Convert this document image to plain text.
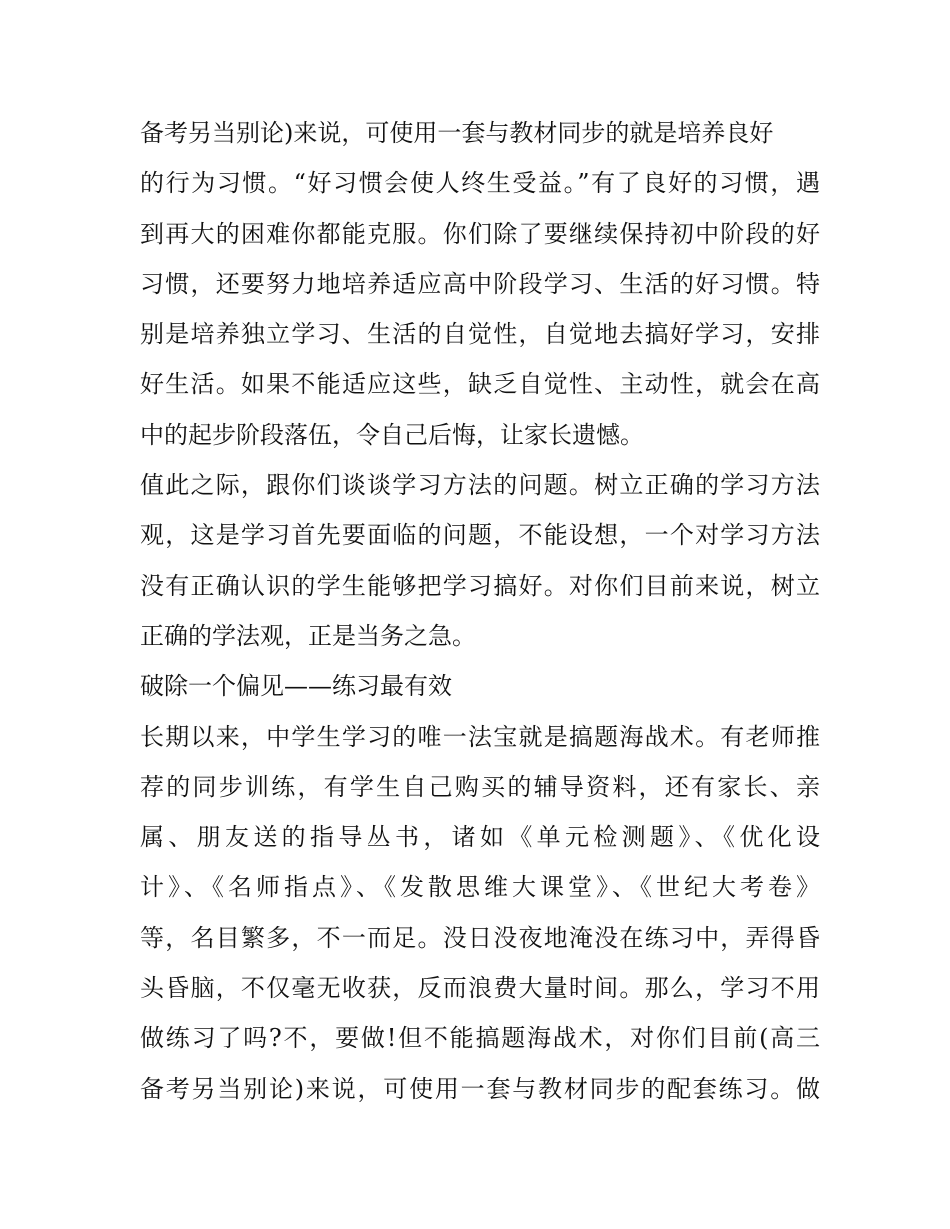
备考另当别论)来说，可使用一套与教材同步的就是培养良好
的行为习惯。“好习惯会使人终生受益。”有了良好的习惯，遇
到再大的困难你都能克服。你们除了要继续保持初中阶段的好
习惯，还要努力地培养适应高中阶段学习、生活的好习惯。特
别是培养独立学习、生活的自觉性，自觉地去搞好学习，安排
好生活。如果不能适应这些，缺乏自觉性、主动性，就会在高
中的起步阶段落伍，令自己后悔，让家长遗憾。
值此之际，跟你们谈谈学习方法的问题。树立正确的学习方法
观，这是学习首先要面临的问题，不能设想，一个对学习方法
没有正确认识的学生能够把学习搞好。对你们目前来说，树立
正确的学法观，正是当务之急。
破除一个偏见——练习最有效
长期以来，中学生学习的唯一法宝就是搞题海战术。有老师推
荐的同步训练，有学生自己购买的辅导资料，还有家长、亲
属、朋友送的指导丛书，诸如《单元检测题》、《优化设
计》、《名师指点》、《发散思维大课堂》、《世纪大考卷》
等，名目繁多，不一而足。没日没夜地淹没在练习中，弄得昏
头昏脑，不仅毫无收获，反而浪费大量时间。那么，学习不用
做练习了吗?不，要做!但不能搞题海战术，对你们目前(高三
备考另当别论)来说，可使用一套与教材同步的配套练习。做
